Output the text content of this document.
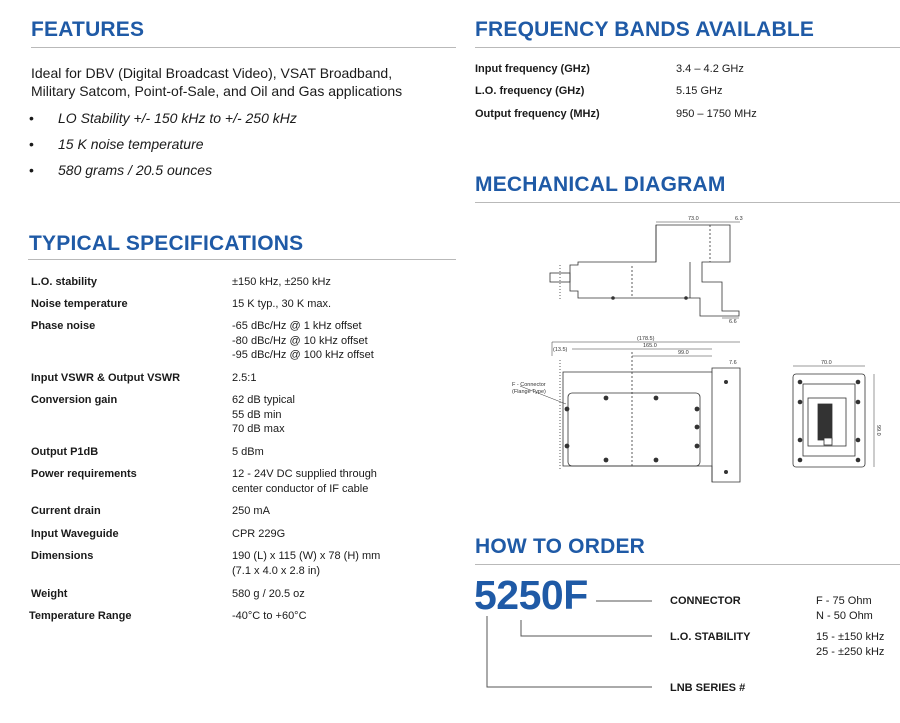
FEATURES
Ideal for DBV (Digital Broadcast Video), VSAT Broadband,
Military Satcom, Point-of-Sale, and Oil and Gas applications
• LO Stability +/- 150 kHz to +/- 250 kHz
• 15 K noise temperature
• 580 grams / 20.5 ounces
TYPICAL SPECIFICATIONS
L.O. stability	±150 kHz, ±250 kHz
Noise temperature	15 K typ., 30 K max.
Phase noise	-65 dBc/Hz @ 1 kHz offset
-80 dBc/Hz @ 10 kHz offset
-95 dBc/Hz @ 100 kHz offset
Input VSWR & Output VSWR	2.5:1
Conversion gain	62 dB typical
55 dB min
70 dB max
Output P1dB	5 dBm
Power requirements	12 - 24V DC supplied through
center conductor of IF cable
Current drain	250 mA
Input Waveguide	CPR 229G
Dimensions	190 (L) x 115 (W) x 78 (H) mm
(7.1 x 4.0 x 2.8 in)
Weight	580 g / 20.5 oz
Temperature Range	-40°C to +60°C
FREQUENCY BANDS AVAILABLE
Input frequency (GHz)	3.4 – 4.2 GHz
L.O. frequency (GHz)	5.15 GHz
Output frequency (MHz)	950 – 1750 MHz
MECHANICAL DIAGRAM
73.0	6.3
6.6
(178.5)
165.0
99.0
(13.5)
7.6	70.0
99.0
F - Connector
(Flange Type)
HOW TO ORDER
5250F	CONNECTOR	F - 75 Ohm
N - 50 Ohm
L.O. STABILITY	15 - ±150 kHz
25 - ±250 kHz
LNB SERIES #
